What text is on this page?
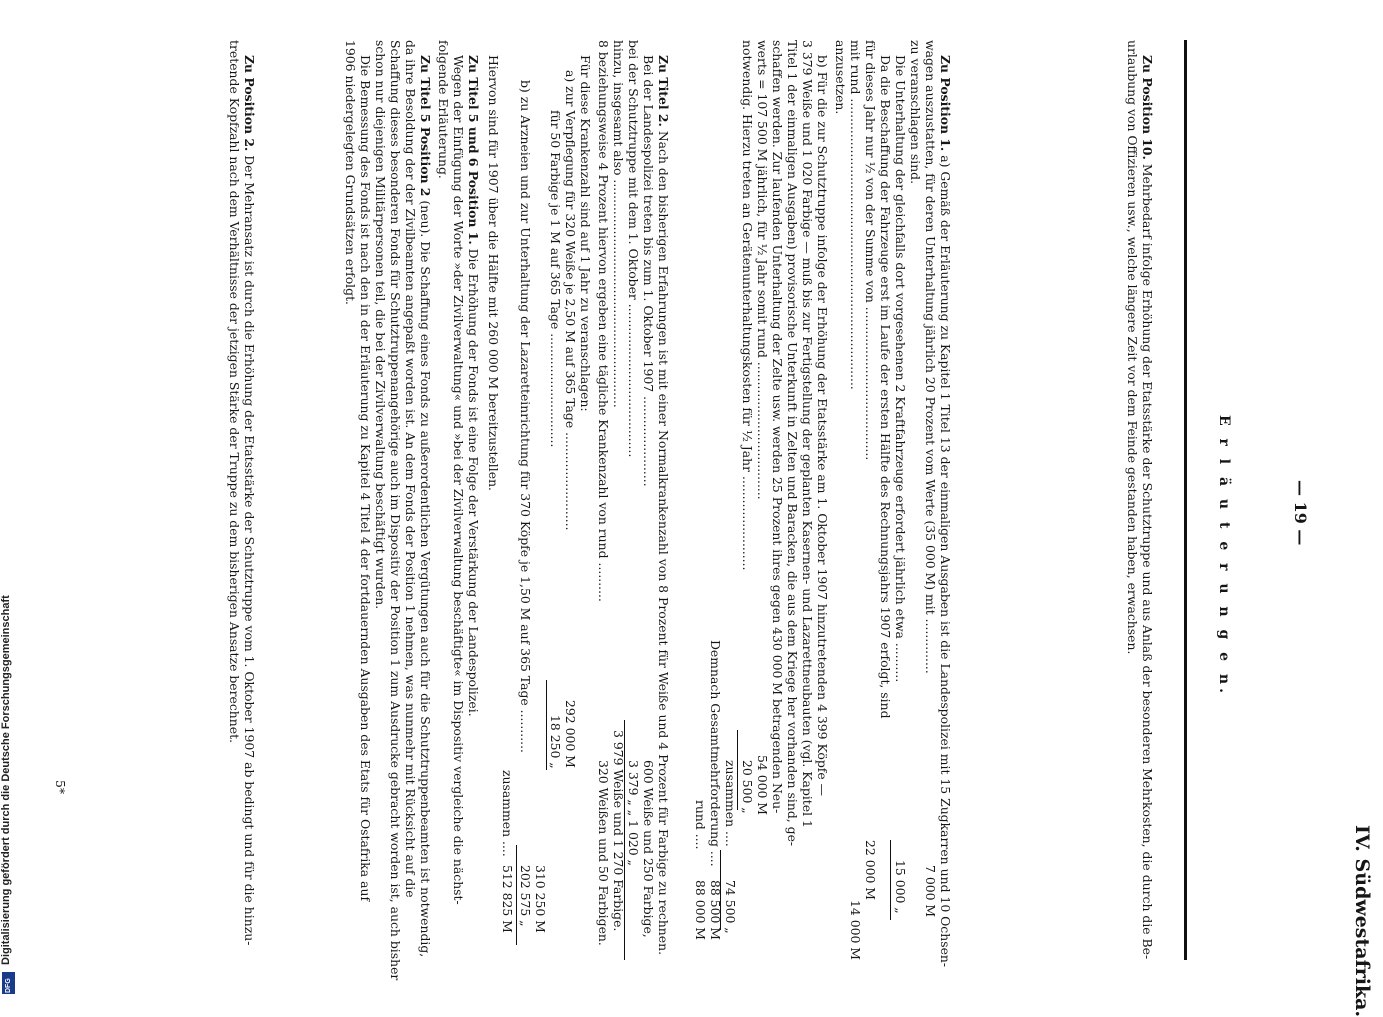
IV. Südwestafrika.
— 19 —
Zu Position 10. Mehrbedarf infolge Erhöhung der Etatsstärke der Schutztruppe und aus Anlaß der besonderen Mehrkosten, die durch die Be-
urlaubung von Offizieren usw., welche längere Zeit vor dem Feinde gestanden haben, erwachsen.	E r l ä u t e r u n g e n.
Zu Position 1. a) Gemäß der Erläuterung zu Kapitel 1 Titel 13 der einmaligen Ausgaben ist die Landespolizei mit 15 Zugkarren und 10 Ochsen-
wagen auszustatten, für deren Unterhaltung jährlich 20 Prozent vom Werte (35 000 M) mit ..............
7 000 M
zu veranschlagen sind.
Die Unterhaltung der gleichfalls dort vorgesehenen 2 Kraftfahrzeuge erfordert jährlich etwa ..........
15 000 „
Da die Beschaffung der Fahrzeuge erst im Laufe der ersten Hälfte des Rechnungsjahrs 1907 erfolgt, sind
für dieses Jahr nur ½ von der Summe von .......................................
22 000 M
mit rund ..........................................................................
14 000 M
anzusetzen.
b) Für die zur Schutztruppe infolge der Erhöhung der Etatsstärke am 1. Oktober 1907 hinzutretenden 4 399 Köpfe —
3 379 Weiße und 1 020 Farbige — muß bis zur Fertigstellung der geplanten Kasernen- und Lazarettneubauten (vgl. Kapitel 1
Titel 1 der einmaligen Ausgaben) provisorische Unterkunft in Zelten und Baracken, die aus dem Kriege her vorhanden sind, ge-
schaffen werden. Zur laufenden Unterhaltung der Zelte usw. werden 25 Prozent ihres gegen 430 000 M betragenden Neu-
werts = 107 500 M jährlich, für ½ Jahr somit rund ...................................
54 000 M
notwendig. Hierzu treten an Gerätenunterhaltungskosten für ½ Jahr ........................
20 500 „
zusammen ....
74 500 „
Demnach Gesamtmehrforderung ....
88 500 M
rund ....
88 000 M
Zu Titel 2. Nach den bisherigen Erfahrungen ist mit einer Normalkrankenzahl von 8 Prozent für Weiße und 4 Prozent für Farbige zu rechnen.
Bei der Landespolizei treten bis zum 1. Oktober 1907 .......................
600 Weiße und 250 Farbige,
bei der Schutztruppe mit dem 1. Oktober .......................................
3 379 „ „ 1 020 „
hinzu, insgesamt also ..........................................................
3 979 Weiße und 1 270 Farbige.
8 beziehungsweise 4 Prozent hiervon ergeben eine tägliche Krankenzahl von rund ..........
320 Weißen und 50 Farbigen.
Für diese Krankenzahl sind auf 1 Jahr zu veranschlagen:
a) zur Verpflegung für 320 Weiße je 2,50 M auf 365 Tage .........................
292 000 M
für 50 Farbige je 1 M auf 365 Tage .............................
18 250 „
310 250 M
b) zu Arzneien und zur Unterhaltung der Lazaretteinrichtung für 370 Köpfe je 1,50 M auf 365 Tage ...........
202 575 „
zusammen ....
512 825 M
Hiervon sind für 1907 über die Hälfte mit 260 000 M bereitzustellen.
Zu Titel 5 und 6 Position 1. Die Erhöhung der Fonds ist eine Folge der Verstärkung der Landespolizei.
Wegen der Einfügung der Worte »der Zivilverwaltung« und »bei der Zivilverwaltung beschäftigte« im Dispositiv vergleiche die nächst-
folgende Erläuterung.
Zu Titel 5 Position 2 (neu). Die Schaffung eines Fonds zu außerordentlichen Vergütungen auch für die Schutztruppenbeamten ist notwendig,
da ihre Besoldung der der Zivilbeamten angepaßt worden ist. An dem Fonds der Position 1 nehmen, was nunmehr mit Rücksicht auf die
Schaffung dieses besonderen Fonds für Schutztruppenangehörige auch im Dispositiv der Position 1 zum Ausdrucke gebracht worden ist, auch bisher
schon nur diejenigen Militärpersonen teil, die bei der Zivilverwaltung beschäftigt wurden.
Die Bemessung des Fonds ist nach den in der Erläuterung zu Kapitel 4 Titel 4 der fortdauernden Ausgaben des Etats für Ostafrika auf
1906 niedergelegten Grundsätzen erfolgt.
Zu Position 2. Der Mehransatz ist durch die Erhöhung der Etatsstärke der Schutztruppe vom 1. Oktober 1907 ab bedingt und für die hinzu-
tretende Kopfzahl nach dem Verhältnisse der jetzigen Stärke der Truppe zu dem bisherigen Ansatze berechnet.
5*
Digitalisierung gefördert durch die Deutsche Forschungsgemeinschaft
DFG
